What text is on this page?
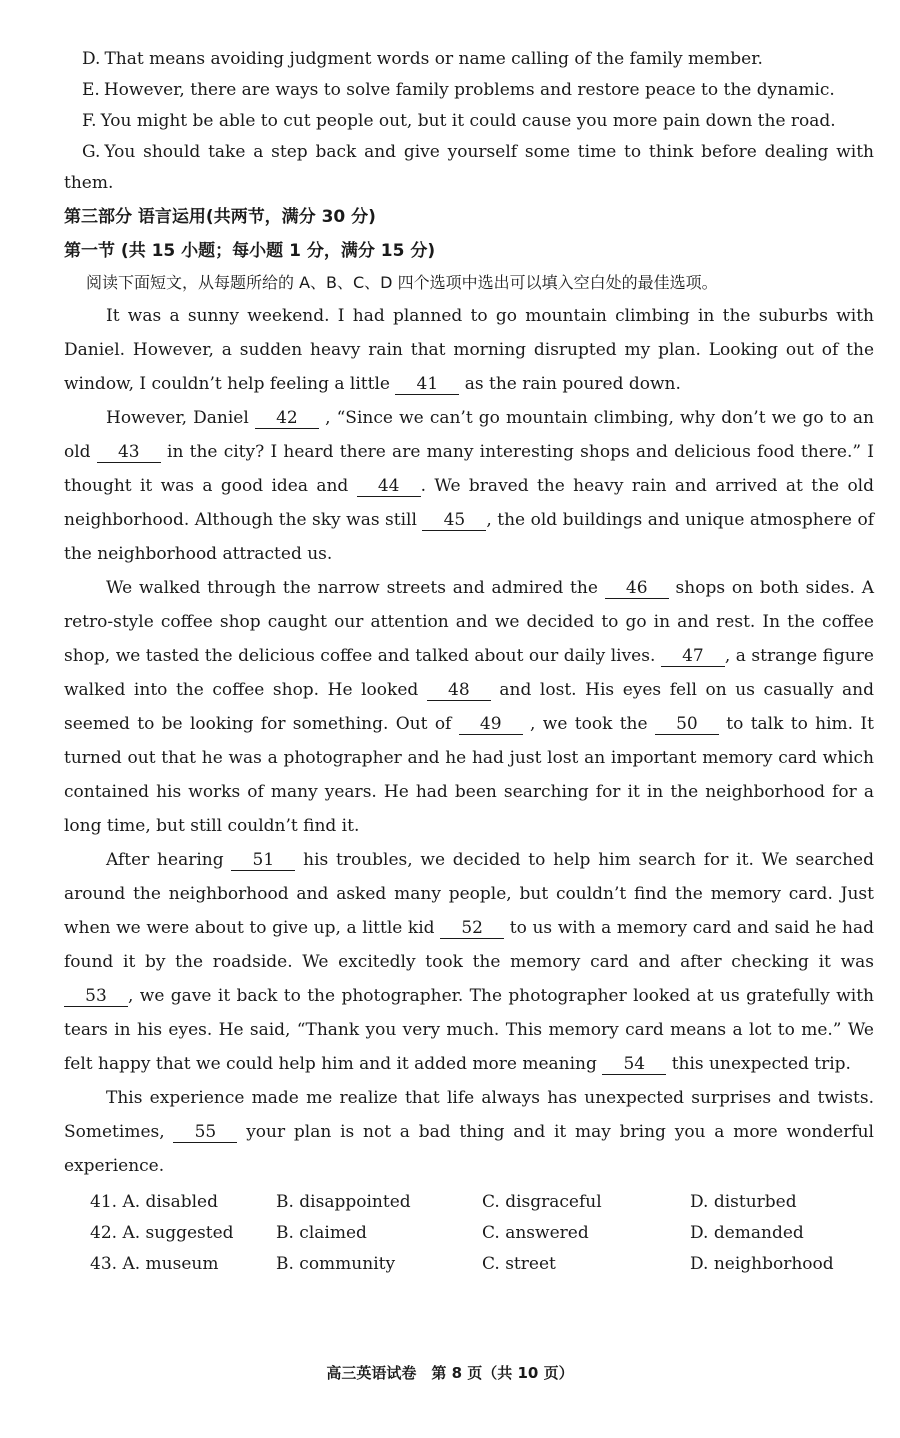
D. That means avoiding judgment words or name calling of the family member.

E. However, there are ways to solve family problems and restore peace to the dynamic.

F. You might be able to cut people out, but it could cause you more pain down the road.

G. You should take a step back and give yourself some time to think before dealing with them.

第三部分 语言运用(共两节，满分 30 分)

第一节 (共 15 小题；每小题 1 分，满分 15 分)

阅读下面短文，从每题所给的 A、B、C、D 四个选项中选出可以填入空白处的最佳选项。

It was a sunny weekend. I had planned to go mountain climbing in the suburbs with Daniel. However, a sudden heavy rain that morning disrupted my plan. Looking out of the window, I couldn’t help feeling a little 41 as the rain poured down.

However, Daniel 42 , “Since we can’t go mountain climbing, why don’t we go to an old 43 in the city? I heard there are many interesting shops and delicious food there.” I thought it was a good idea and 44 . We braved the heavy rain and arrived at the old neighborhood. Although the sky was still 45 , the old buildings and unique atmosphere of the neighborhood attracted us.

We walked through the narrow streets and admired the 46 shops on both sides. A retro-style coffee shop caught our attention and we decided to go in and rest. In the coffee shop, we tasted the delicious coffee and talked about our daily lives. 47 , a strange figure walked into the coffee shop. He looked 48 and lost. His eyes fell on us casually and seemed to be looking for something. Out of 49 , we took the 50 to talk to him. It turned out that he was a photographer and he had just lost an important memory card which contained his works of many years. He had been searching for it in the neighborhood for a long time, but still couldn’t find it.

After hearing 51 his troubles, we decided to help him search for it. We searched around the neighborhood and asked many people, but couldn’t find the memory card. Just when we were about to give up, a little kid 52 to us with a memory card and said he had found it by the roadside. We excitedly took the memory card and after checking it was 53 , we gave it back to the photographer. The photographer looked at us gratefully with tears in his eyes. He said, “Thank you very much. This memory card means a lot to me.” We felt happy that we could help him and it added more meaning 54 this unexpected trip.

This experience made me realize that life always has unexpected surprises and twists. Sometimes, 55 your plan is not a bad thing and it may bring you a more wonderful experience.

41. A. disabled	B. disappointed	C. disgraceful	D. disturbed
42. A. suggested	B. claimed	C. answered	D. demanded
43. A. museum	B. community	C. street	D. neighborhood
高三英语试卷　第 8 页（共 10 页）
